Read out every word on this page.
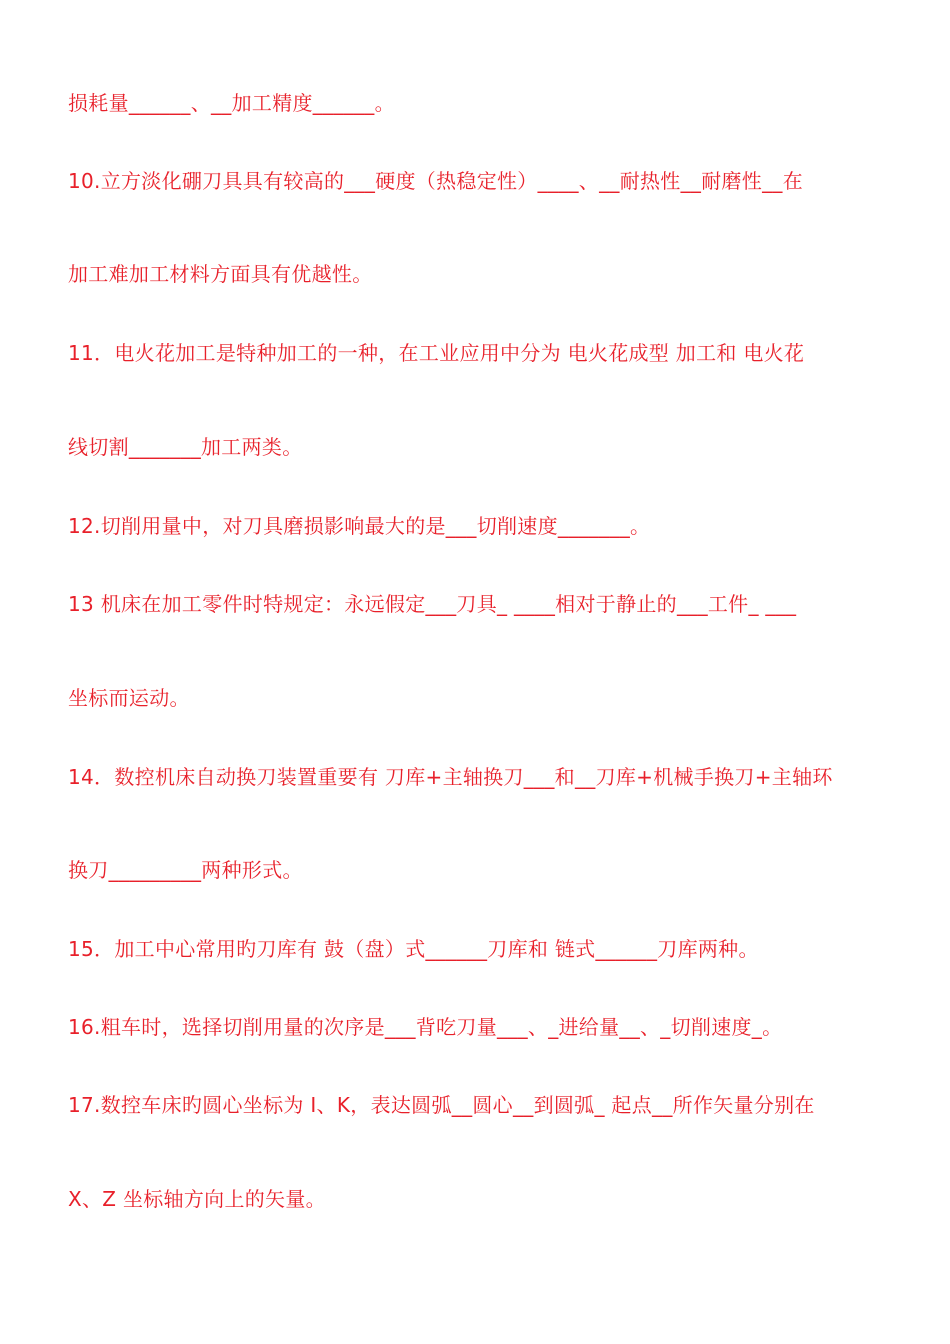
损耗量______、__加工精度______。
10.立方淡化硼刀具具有较高的___硬度（热稳定性）____、__耐热性__耐磨性__在
加工难加工材料方面具有优越性。
11．电火花加工是特种加工的一种，在工业应用中分为 电火花成型 加工和 电火花
线切割_______加工两类。
12.切削用量中，对刀具磨损影响最大的是___切削速度_______。
13 机床在加工零件时特规定：永远假定___刀具_ ____相对于静止的___工件_ ___
坐标而运动。
14．数控机床自动换刀装置重要有 刀库+主轴换刀___和__刀库+机械手换刀+主轴环
换刀_________两种形式。
15．加工中心常用旳刀库有 鼓（盘）式______刀库和 链式______刀库两种。
16.粗车时，选择切削用量的次序是___背吃刀量___、_进给量__、_切削速度_。
17.数控车床旳圆心坐标为 I、K，表达圆弧__圆心__到圆弧_ 起点__所作矢量分别在
X、Z 坐标轴方向上的矢量。
